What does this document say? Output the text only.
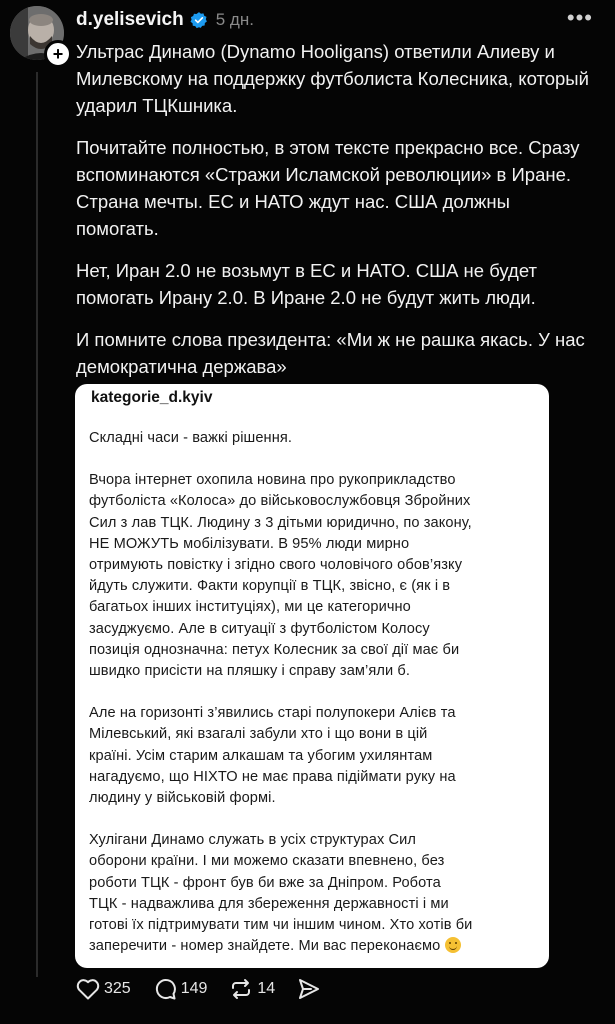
+
d.yelisevich 5 дн.	•••

Ультрас Динамо (Dynamo Hooligans) ответили Алиеву и Милевскому на поддержку футболиста Колесника, который ударил ТЦКшника.

Почитайте полностью, в этом тексте прекрасно все. Сразу вспоминаются «Стражи Исламской революции» в Иране. Страна мечты. ЕС и НАТО ждут нас. США должны помогать.

Нет, Иран 2.0 не возьмут в ЕС и НАТО. США не будет помогать Ирану 2.0. В Иране 2.0 не будут жить люди.

И помните слова президента: «Ми ж не рашка якась. У нас демократична держава»

kategorie_d.kyiv

Складні часи - важкі рішення.

Вчора інтернет охопила новина про рукоприкладство
футболіста «Колоса» до військовослужбовця Збройних
Сил з лав ТЦК. Людину з 3 дітьми юридично, по закону,
НЕ МОЖУТЬ мобілізувати. В 95% люди мирно
отримують повістку і згідно свого чоловічого обов’язку
йдуть служити. Факти корупції в ТЦК, звісно, є (як і в
багатьох інших інституціях), ми це категорично
засуджуємо. Але в ситуації з футболістом Колосу
позиція однозначна: петух Колесник за свої дії має би
швидко присісти на пляшку і справу зам’яли б.

Але на горизонті з’явились старі полупокери Алієв та
Мілевський, які взагалі забули хто і що вони в цій
країні. Усім старим алкашам та убогим ухилянтам
нагадуємо, що НІХТО не має права підіймати руку на
людину у військовій формі.

Хулігани Динамо служать в усіх структурах Сил
оборони країни. І ми можемо сказати впевнено, без
роботи ТЦК - фронт був би вже за Дніпром. Робота
ТЦК - надважлива для збереження державності і ми
готові їх підтримувати тим чи іншим чином. Хто хотів би
заперечити - номер знайдете. Ми вас переконаємо

325	149	14
